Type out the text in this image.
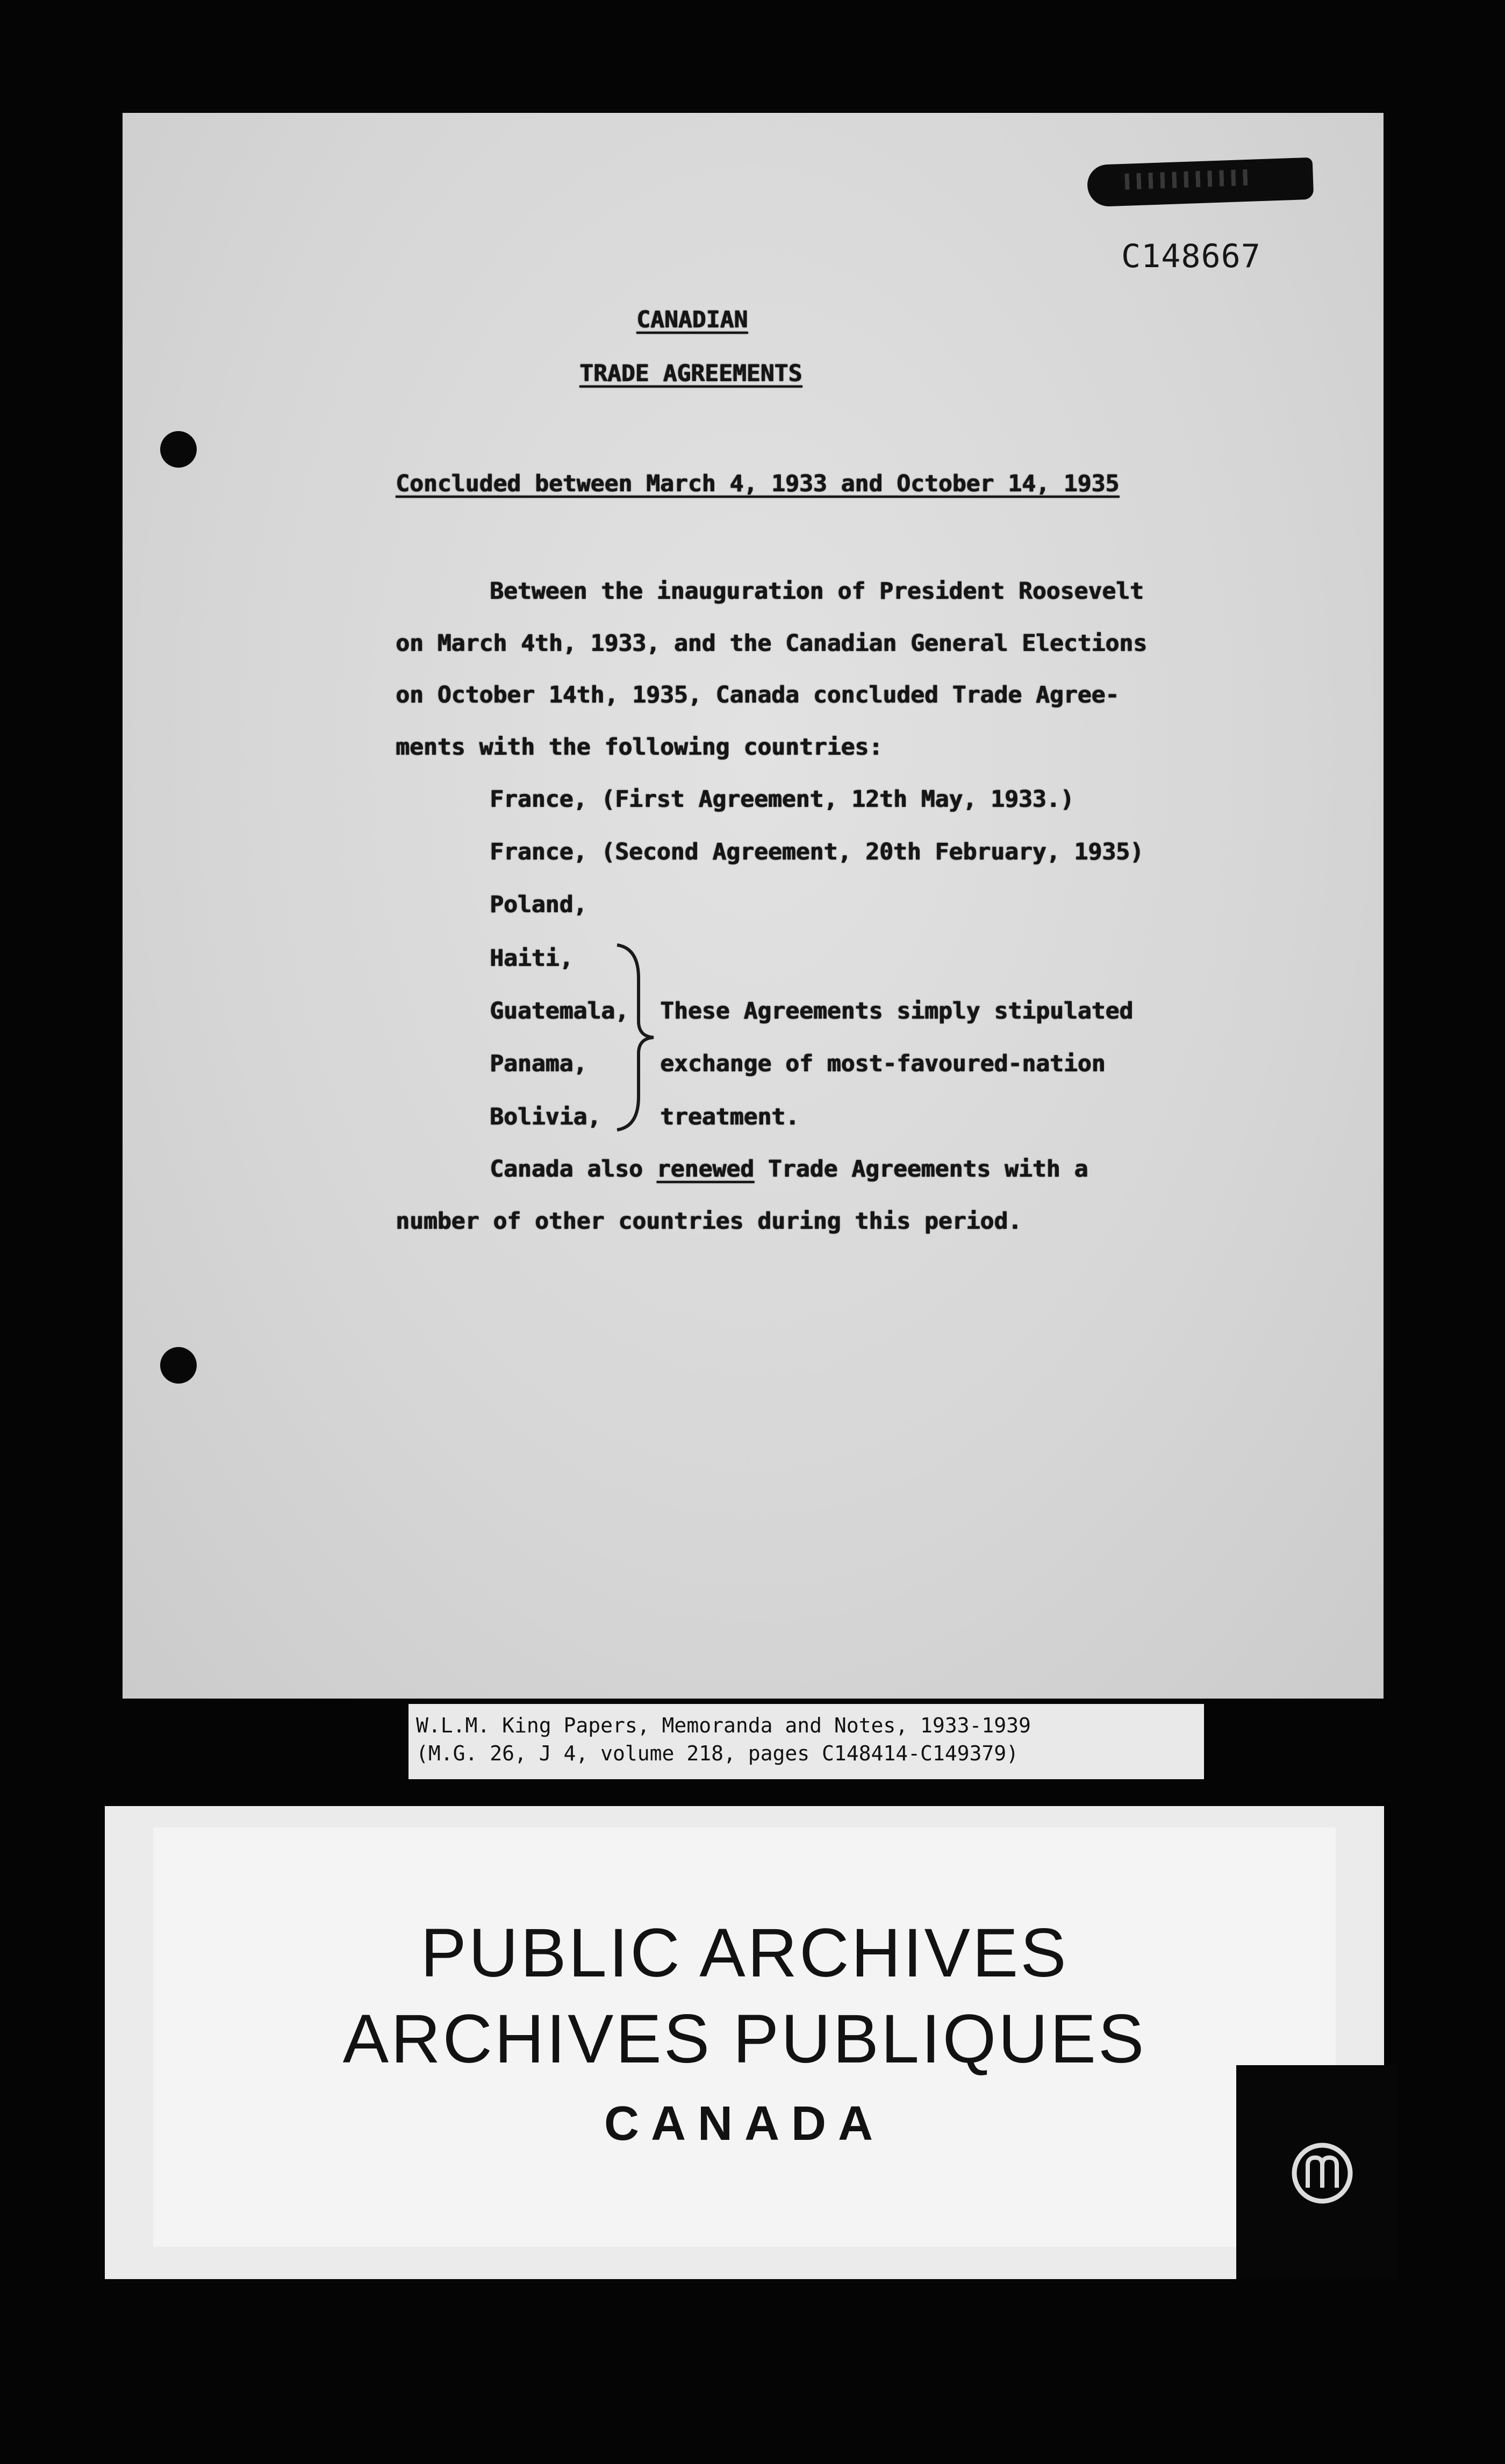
C148667
CANADIAN
TRADE AGREEMENTS
Concluded between March 4, 1933 and October 14, 1935
Between the inauguration of President Roosevelt
on March 4th, 1933, and the Canadian General Elections
on October 14th, 1935, Canada concluded Trade Agree-
ments with the following countries:
France, (First Agreement, 12th May, 1933.)
France, (Second Agreement, 20th February, 1935)
Poland,
Haiti,
Guatemala,
Panama,
Bolivia,
These Agreements simply stipulated
exchange of most-favoured-nation
treatment.
Canada also renewed Trade Agreements with a
number of other countries during this period.
W.L.M. King Papers, Memoranda and Notes, 1933-1939
(M.G. 26, J 4, volume 218, pages C148414-C149379)
PUBLIC ARCHIVES
ARCHIVES PUBLIQUES
CANADA
